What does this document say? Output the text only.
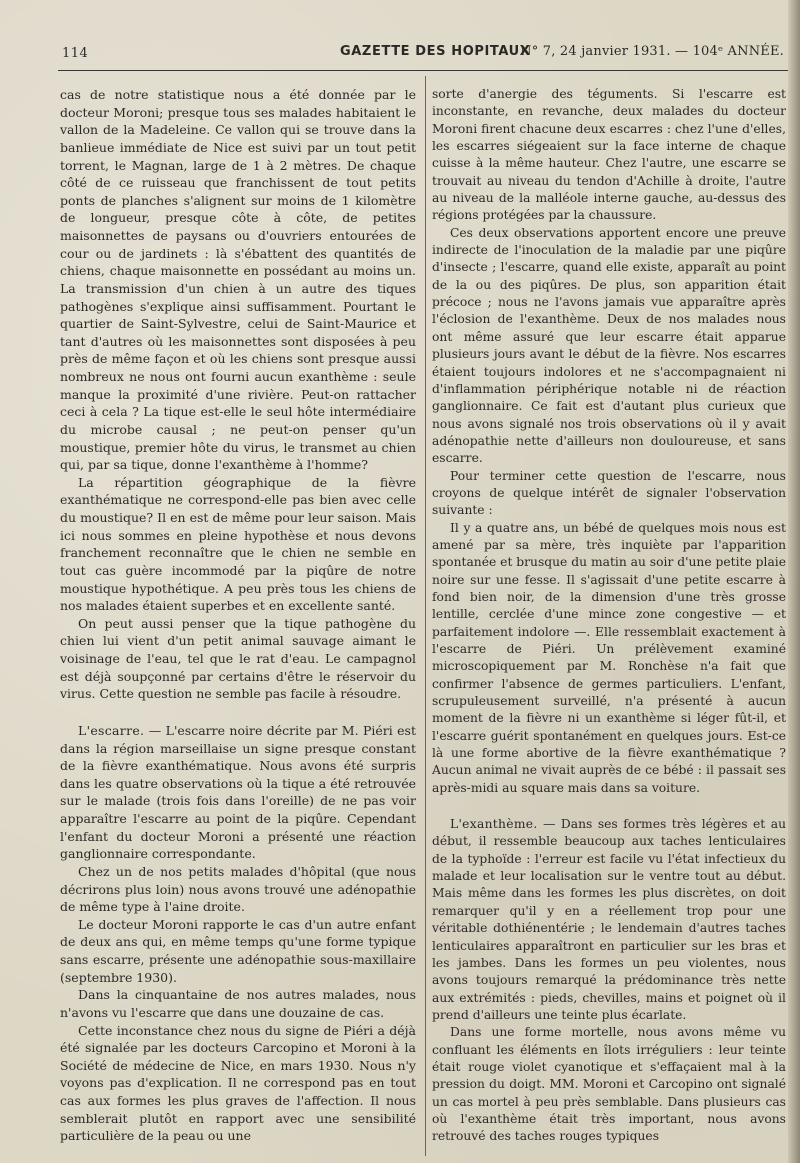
114	GAZETTE DES HOPITAUX
N° 7, 24 janvier 1931. — 104ᵉ ANNÉE.

cas de notre statistique nous a été donnée par le docteur Moroni; presque tous ses malades habitaient le vallon de la Madeleine. Ce vallon qui se trouve dans la banlieue immédiate de Nice est suivi par un tout petit torrent, le Magnan, large de 1 à 2 mètres. De chaque côté de ce ruisseau que franchissent de tout petits ponts de planches s'alignent sur moins de 1 kilomètre de longueur, presque côte à côte, de petites maisonnettes de paysans ou d'ouvriers entourées de cour ou de jardinets : là s'ébattent des quantités de chiens, chaque maisonnette en possédant au moins un. La transmission d'un chien à un autre des tiques pathogènes s'explique ainsi suffisamment. Pourtant le quartier de Saint-Sylvestre, celui de Saint-Maurice et tant d'autres où les maisonnettes sont disposées à peu près de même façon et où les chiens sont presque aussi nombreux ne nous ont fourni aucun exanthème : seule manque la proximité d'une rivière. Peut-on rattacher ceci à cela ? La tique est-elle le seul hôte intermédiaire du microbe causal ; ne peut-on penser qu'un moustique, premier hôte du virus, le transmet au chien qui, par sa tique, donne l'exanthème à l'homme?

La répartition géographique de la fièvre exanthématique ne correspond-elle pas bien avec celle du moustique? Il en est de même pour leur saison. Mais ici nous sommes en pleine hypothèse et nous devons franchement reconnaître que le chien ne semble en tout cas guère incommodé par la piqûre de notre moustique hypothétique. A peu près tous les chiens de nos malades étaient superbes et en excellente santé.

On peut aussi penser que la tique pathogène du chien lui vient d'un petit animal sauvage aimant le voisinage de l'eau, tel que le rat d'eau. Le campagnol est déjà soupçonné par certains d'être le réservoir du virus. Cette question ne semble pas facile à résoudre.

L'escarre. — L'escarre noire décrite par M. Piéri est dans la région marseillaise un signe presque constant de la fièvre exanthématique. Nous avons été surpris dans les quatre observations où la tique a été retrouvée sur le malade (trois fois dans l'oreille) de ne pas voir apparaître l'escarre au point de la piqûre. Cependant l'enfant du docteur Moroni a présenté une réaction ganglionnaire correspondante.

Chez un de nos petits malades d'hôpital (que nous décrirons plus loin) nous avons trouvé une adénopathie de même type à l'aine droite.

Le docteur Moroni rapporte le cas d'un autre enfant de deux ans qui, en même temps qu'une forme typique sans escarre, présente une adénopathie sous-maxillaire (septembre 1930).

Dans la cinquantaine de nos autres malades, nous n'avons vu l'escarre que dans une douzaine de cas.

Cette inconstance chez nous du signe de Piéri a déjà été signalée par les docteurs Carcopino et Moroni à la Société de médecine de Nice, en mars 1930. Nous n'y voyons pas d'explication. Il ne correspond pas en tout cas aux formes les plus graves de l'affection. Il nous semblerait plutôt en rapport avec une sensibilité particulière de la peau ou une

sorte d'anergie des téguments. Si l'escarre est inconstante, en revanche, deux malades du docteur Moroni firent chacune deux escarres : chez l'une d'elles, les escarres siégeaient sur la face interne de chaque cuisse à la même hauteur. Chez l'autre, une escarre se trouvait au niveau du tendon d'Achille à droite, l'autre au niveau de la malléole interne gauche, au-dessus des régions protégées par la chaussure.

Ces deux observations apportent encore une preuve indirecte de l'inoculation de la maladie par une piqûre d'insecte ; l'escarre, quand elle existe, apparaît au point de la ou des piqûres. De plus, son apparition était précoce ; nous ne l'avons jamais vue apparaître après l'éclosion de l'exanthème. Deux de nos malades nous ont même assuré que leur escarre était apparue plusieurs jours avant le début de la fièvre. Nos escarres étaient toujours indolores et ne s'accompagnaient ni d'inflammation périphérique notable ni de réaction ganglionnaire. Ce fait est d'autant plus curieux que nous avons signalé nos trois observations où il y avait adénopathie nette d'ailleurs non douloureuse, et sans escarre.

Pour terminer cette question de l'escarre, nous croyons de quelque intérêt de signaler l'observation suivante :

Il y a quatre ans, un bébé de quelques mois nous est amené par sa mère, très inquiète par l'apparition spontanée et brusque du matin au soir d'une petite plaie noire sur une fesse. Il s'agissait d'une petite escarre à fond bien noir, de la dimension d'une très grosse lentille, cerclée d'une mince zone congestive — et parfaitement indolore —. Elle ressemblait exactement à l'escarre de Piéri. Un prélèvement examiné microscopiquement par M. Ronchèse n'a fait que confirmer l'absence de germes particuliers. L'enfant, scrupuleusement surveillé, n'a présenté à aucun moment de la fièvre ni un exanthème si léger fût-il, et l'escarre guérit spontanément en quelques jours. Est-ce là une forme abortive de la fièvre exanthématique ? Aucun animal ne vivait auprès de ce bébé : il passait ses après-midi au square mais dans sa voiture.

L'exanthème. — Dans ses formes très légères et au début, il ressemble beaucoup aux taches lenticulaires de la typhoïde : l'erreur est facile vu l'état infectieux du malade et leur localisation sur le ventre tout au début. Mais même dans les formes les plus discrètes, on doit remarquer qu'il y en a réellement trop pour une véritable dothiénentérie ; le lendemain d'autres taches lenticulaires apparaîtront en particulier sur les bras et les jambes. Dans les formes un peu violentes, nous avons toujours remarqué la prédominance très nette aux extrémités : pieds, chevilles, mains et poignet où il prend d'ailleurs une teinte plus écarlate.

Dans une forme mortelle, nous avons même vu confluant les éléments en îlots irréguliers : leur teinte était rouge violet cyanotique et s'effaçaient mal à la pression du doigt. MM. Moroni et Carcopino ont signalé un cas mortel à peu près semblable. Dans plusieurs cas où l'exanthème était très important, nous avons retrouvé des taches rouges typiques
